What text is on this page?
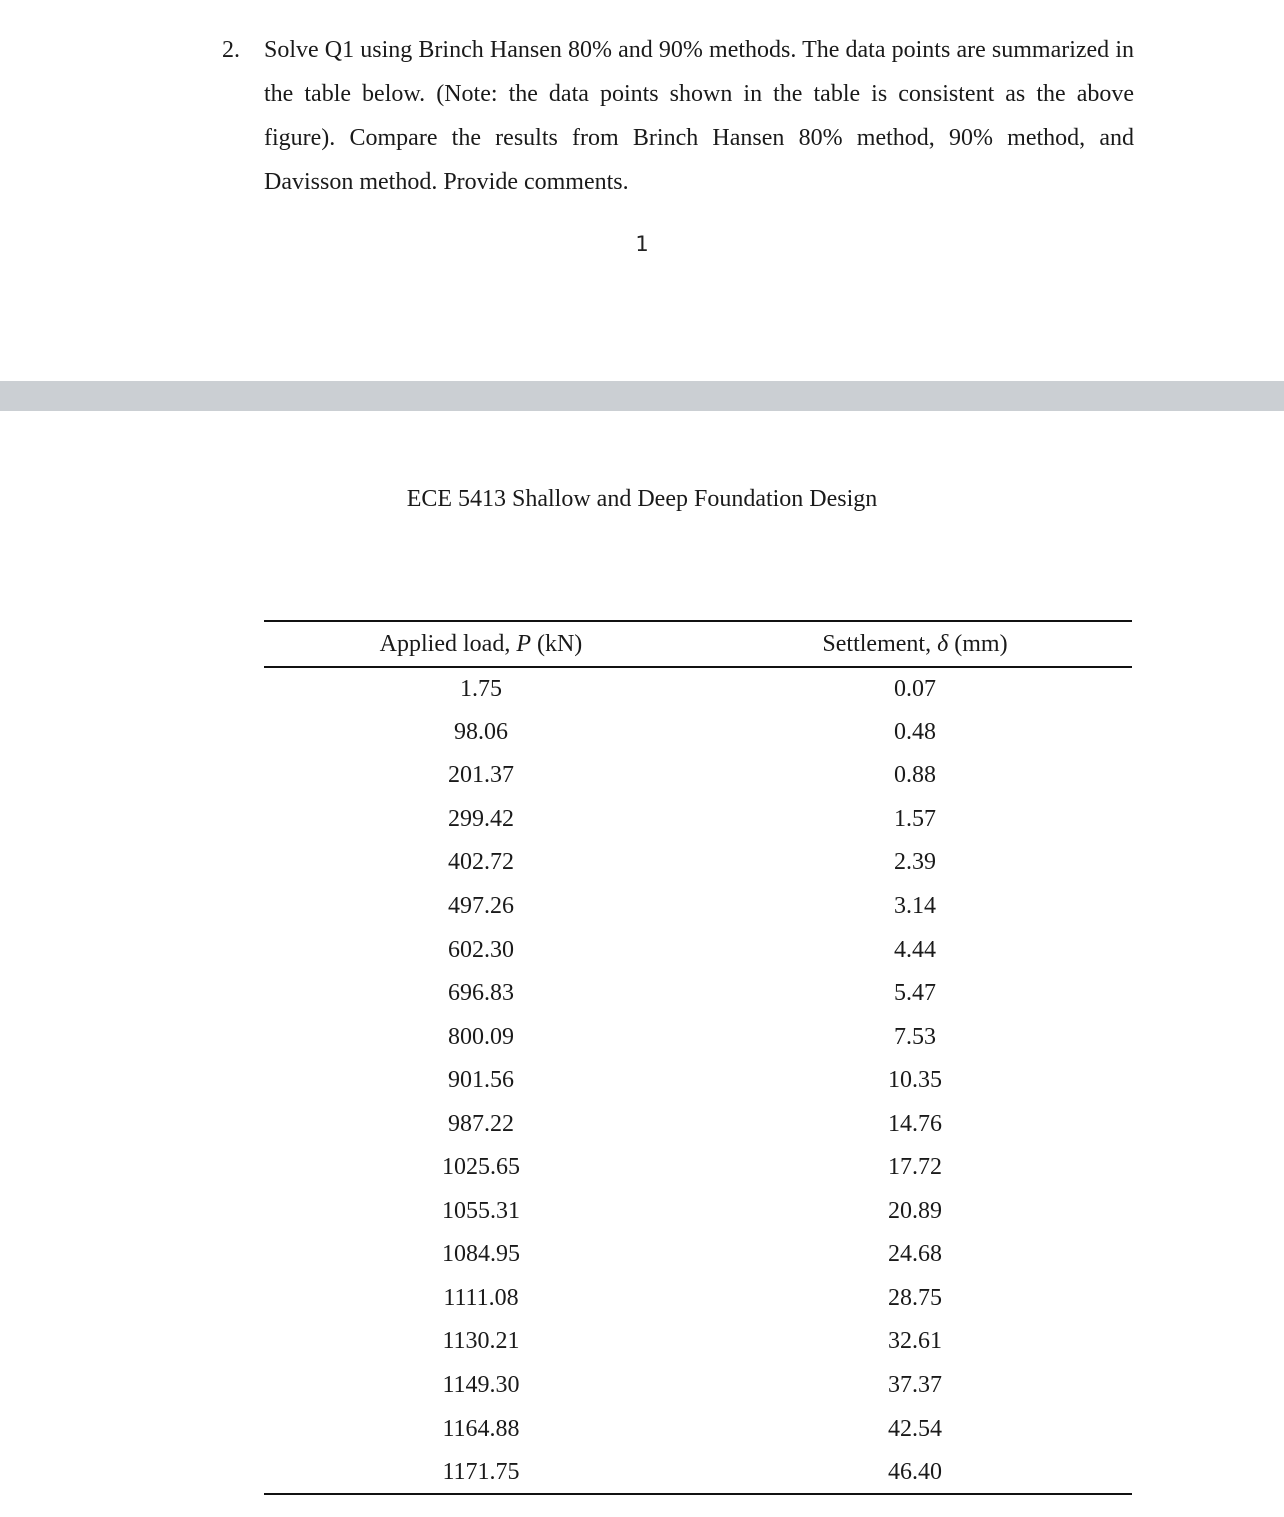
2. Solve Q1 using Brinch Hansen 80% and 90% methods. The data points are summarized in the table below. (Note: the data points shown in the table is consistent as the above figure). Compare the results from Brinch Hansen 80% method, 90% method, and Davisson method. Provide comments.
1
ECE 5413 Shallow and Deep Foundation Design
Applied load, P (kN)	Settlement, δ (mm)
1.75	0.07
98.06	0.48
201.37	0.88
299.42	1.57
402.72	2.39
497.26	3.14
602.30	4.44
696.83	5.47
800.09	7.53
901.56	10.35
987.22	14.76
1025.65	17.72
1055.31	20.89
1084.95	24.68
1111.08	28.75
1130.21	32.61
1149.30	37.37
1164.88	42.54
1171.75	46.40
